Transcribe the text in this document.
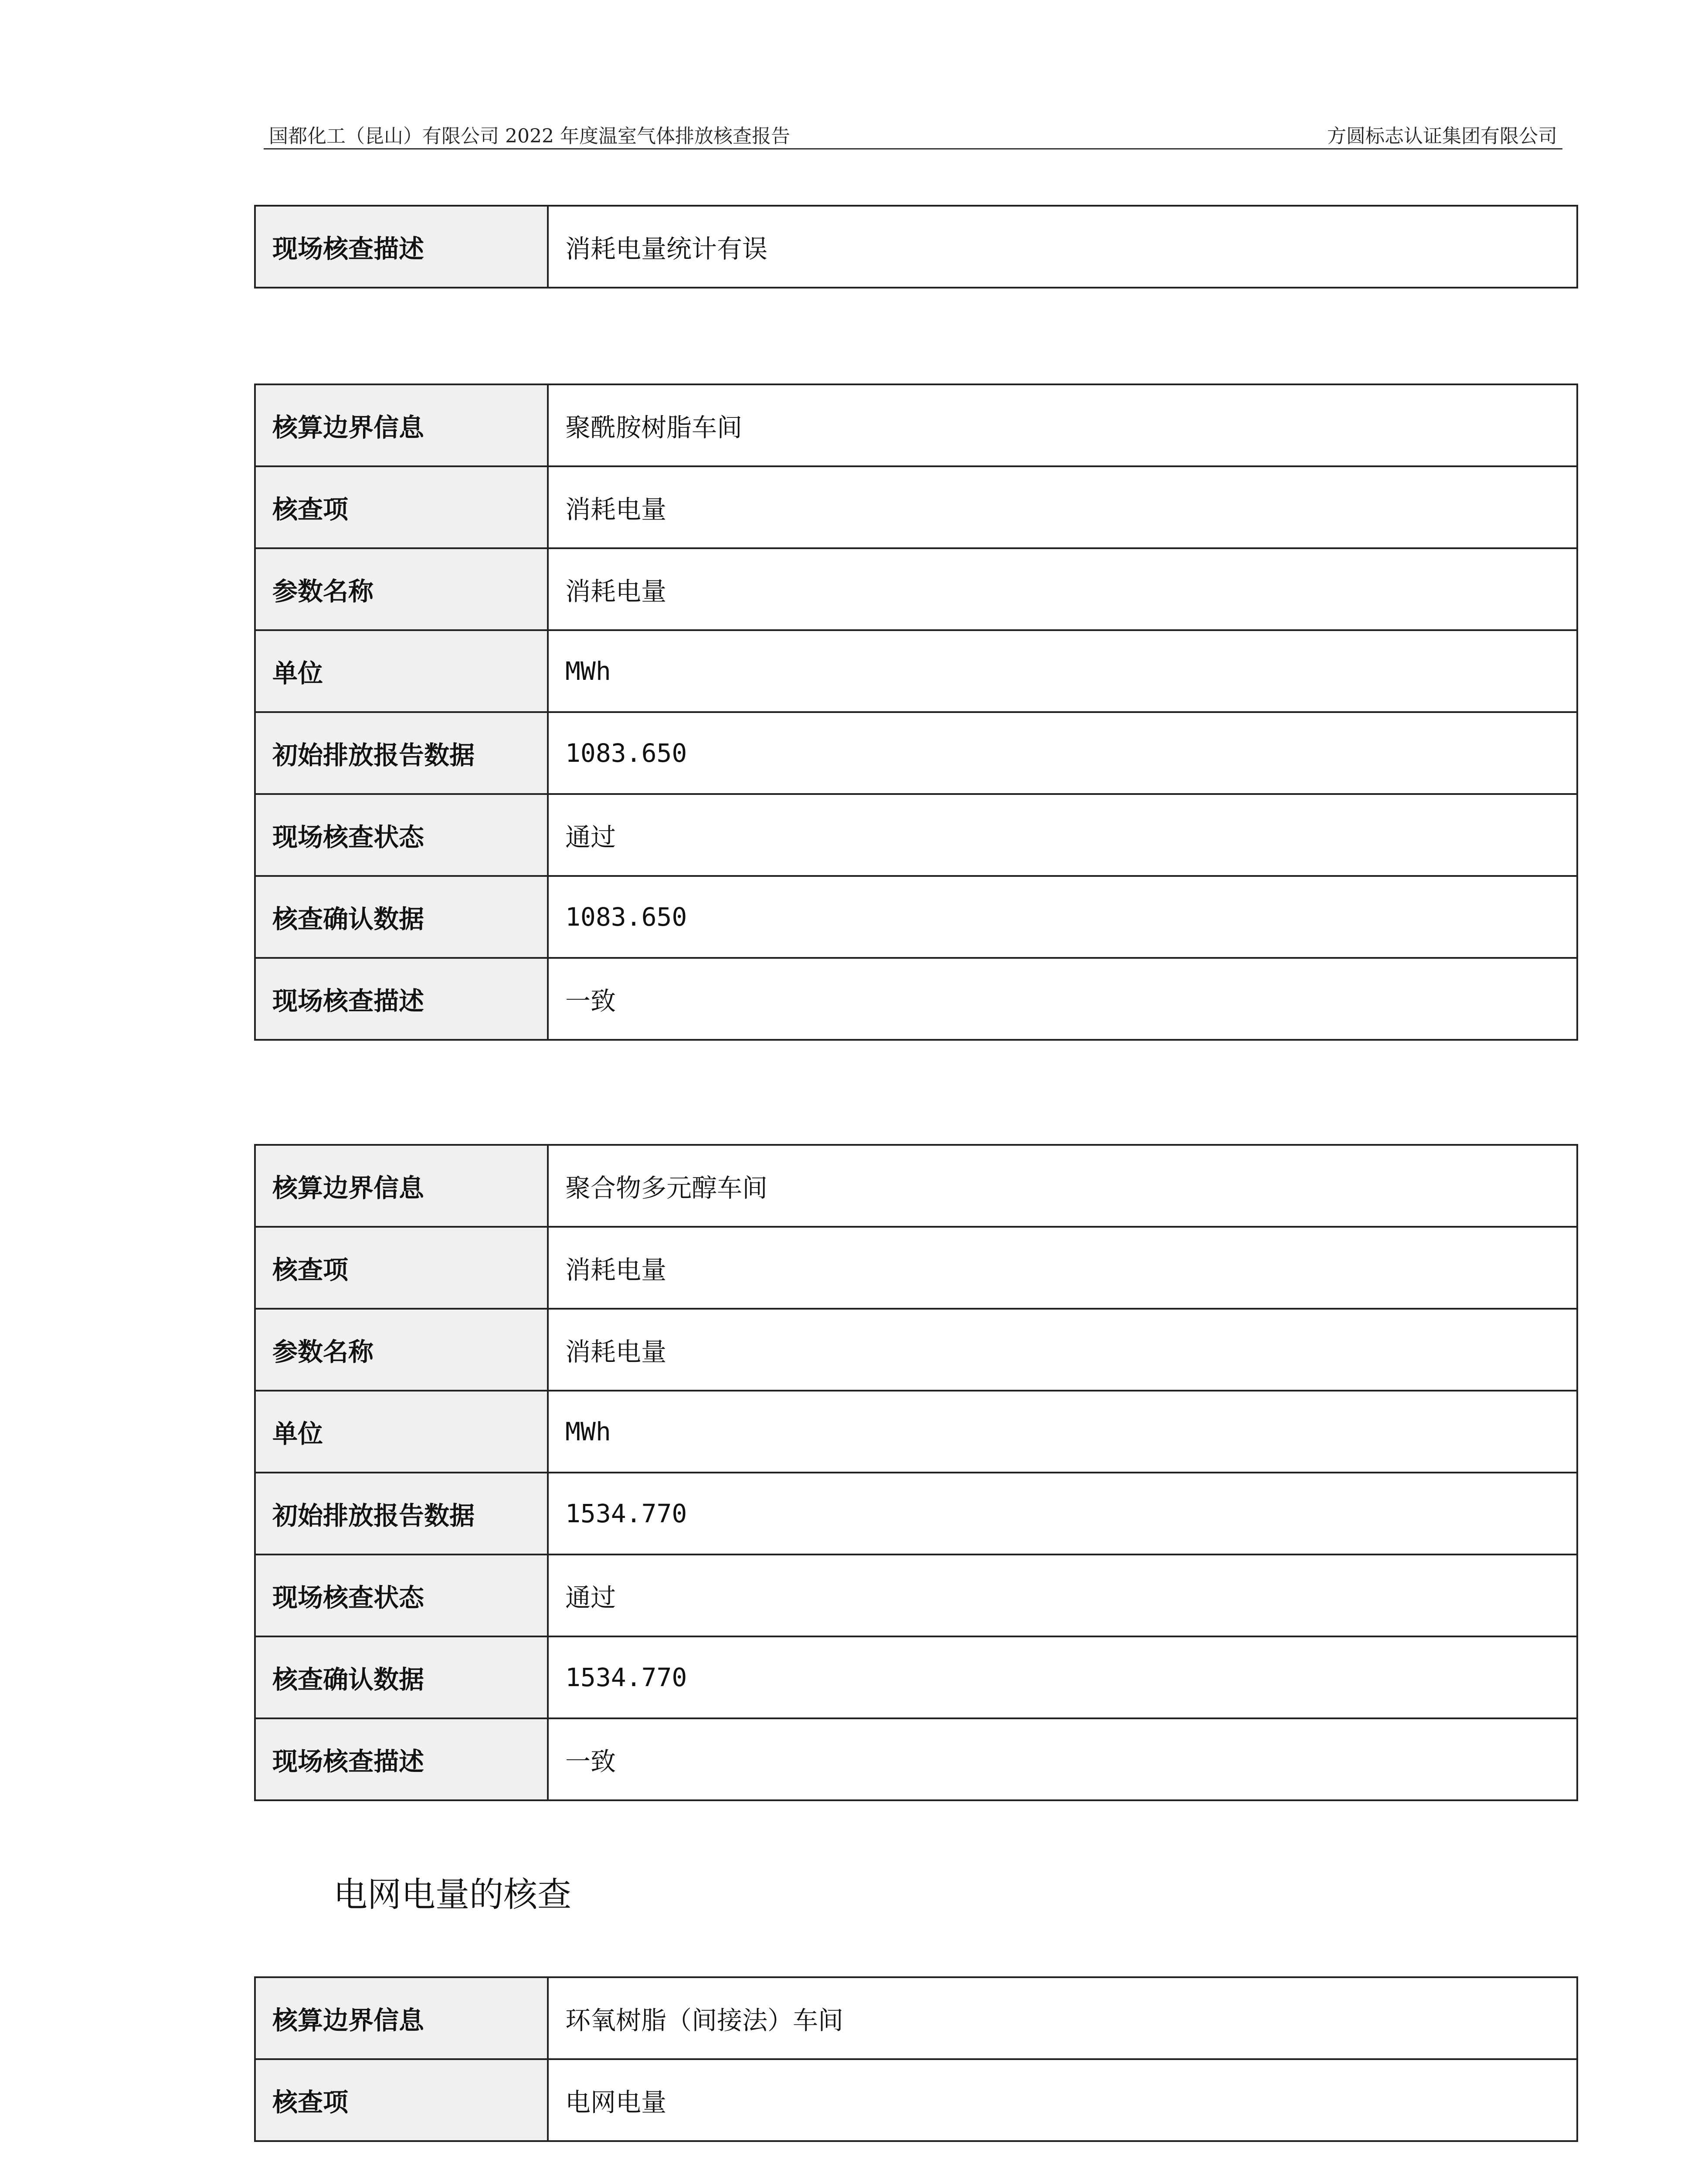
国都化工（昆山）有限公司 2022 年度温室气体排放核查报告	方圆标志认证集团有限公司
现场核查描述	消耗电量统计有误
核算边界信息	聚酰胺树脂车间
核查项	消耗电量
参数名称	消耗电量
单位	MWh
初始排放报告数据	1083.650
现场核查状态	通过
核查确认数据	1083.650
现场核查描述	一致
核算边界信息	聚合物多元醇车间
核查项	消耗电量
参数名称	消耗电量
单位	MWh
初始排放报告数据	1534.770
现场核查状态	通过
核查确认数据	1534.770
现场核查描述	一致
电网电量的核查
核算边界信息	环氧树脂（间接法）车间
核查项	电网电量
